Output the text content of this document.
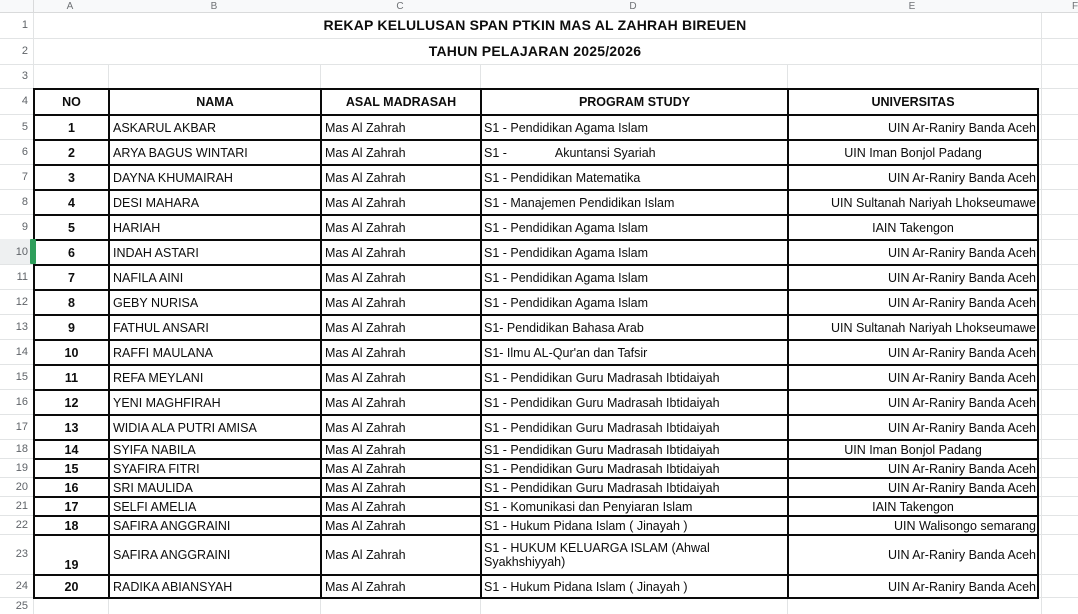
A	B	C	D	E	F
1
2
3
4
5
6
7
8
9
10
11
12
13
14
15
16
17
18
19
20
21
22
23
24
25
REKAP KELULUSAN SPAN PTKIN MAS AL ZAHRAH BIREUEN
TAHUN PELAJARAN 2025/2026
NO	NAMA	ASAL MADRASAH	PROGRAM STUDY	UNIVERSITAS
1	ASKARUL AKBAR	Mas Al Zahrah	S1 - Pendidikan Agama Islam	UIN Ar-Raniry Banda Aceh
2	ARYA BAGUS WINTARI	Mas Al Zahrah	S1 -              Akuntansi Syariah	UIN Iman Bonjol Padang
3	DAYNA KHUMAIRAH	Mas Al Zahrah	S1 - Pendidikan Matematika	UIN Ar-Raniry Banda Aceh
4	DESI MAHARA	Mas Al Zahrah	S1 - Manajemen Pendidikan Islam	UIN Sultanah Nariyah Lhokseumawe
5	HARIAH	Mas Al Zahrah	S1 - Pendidikan Agama Islam	IAIN Takengon
6	INDAH ASTARI	Mas Al Zahrah	S1 - Pendidikan Agama Islam	UIN Ar-Raniry Banda Aceh
7	NAFILA AINI	Mas Al Zahrah	S1 - Pendidikan Agama Islam	UIN Ar-Raniry Banda Aceh
8	GEBY NURISA	Mas Al Zahrah	S1 - Pendidikan Agama Islam	UIN Ar-Raniry Banda Aceh
9	FATHUL ANSARI	Mas Al Zahrah	S1- Pendidikan Bahasa Arab	UIN Sultanah Nariyah Lhokseumawe
10	RAFFI MAULANA	Mas Al Zahrah	S1- Ilmu AL-Qur'an dan Tafsir	UIN Ar-Raniry Banda Aceh
11	REFA MEYLANI	Mas Al Zahrah	S1 - Pendidikan Guru Madrasah Ibtidaiyah	UIN Ar-Raniry Banda Aceh
12	YENI MAGHFIRAH	Mas Al Zahrah	S1 - Pendidikan Guru Madrasah Ibtidaiyah	UIN Ar-Raniry Banda Aceh
13	WIDIA ALA PUTRI AMISA	Mas Al Zahrah	S1 - Pendidikan Guru Madrasah Ibtidaiyah	UIN Ar-Raniry Banda Aceh
14	SYIFA NABILA	Mas Al Zahrah	S1 - Pendidikan Guru Madrasah Ibtidaiyah	UIN Iman Bonjol Padang
15	SYAFIRA FITRI	Mas Al Zahrah	S1 - Pendidikan Guru Madrasah Ibtidaiyah	UIN Ar-Raniry Banda Aceh
16	SRI MAULIDA	Mas Al Zahrah	S1 - Pendidikan Guru Madrasah Ibtidaiyah	UIN Ar-Raniry Banda Aceh
17	SELFI AMELIA	Mas Al Zahrah	S1 - Komunikasi dan Penyiaran Islam	IAIN Takengon
18	SAFIRA ANGGRAINI	Mas Al Zahrah	S1 - Hukum Pidana Islam ( Jinayah )	UIN Walisongo semarang
19	SAFIRA ANGGRAINI	Mas Al Zahrah	S1 - HUKUM KELUARGA ISLAM (Ahwal Syakhshiyyah)	UIN Ar-Raniry Banda Aceh
20	RADIKA ABIANSYAH	Mas Al Zahrah	S1 - Hukum Pidana Islam ( Jinayah )	UIN Ar-Raniry Banda Aceh
